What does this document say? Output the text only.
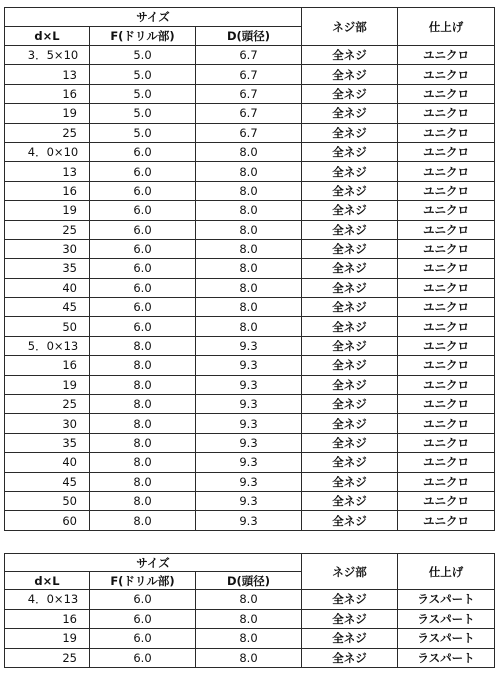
サイズ			ネジ部	仕上げ
d×L	F(ドリル部)	D(頭径)		
3．5×10	5.0	6.7	全ネジ	ユニクロ
13	5.0	6.7	全ネジ	ユニクロ
16	5.0	6.7	全ネジ	ユニクロ
19	5.0	6.7	全ネジ	ユニクロ
25	5.0	6.7	全ネジ	ユニクロ
4．0×10	6.0	8.0	全ネジ	ユニクロ
13	6.0	8.0	全ネジ	ユニクロ
16	6.0	8.0	全ネジ	ユニクロ
19	6.0	8.0	全ネジ	ユニクロ
25	6.0	8.0	全ネジ	ユニクロ
30	6.0	8.0	全ネジ	ユニクロ
35	6.0	8.0	全ネジ	ユニクロ
40	6.0	8.0	全ネジ	ユニクロ
45	6.0	8.0	全ネジ	ユニクロ
50	6.0	8.0	全ネジ	ユニクロ
5．0×13	8.0	9.3	全ネジ	ユニクロ
16	8.0	9.3	全ネジ	ユニクロ
19	8.0	9.3	全ネジ	ユニクロ
25	8.0	9.3	全ネジ	ユニクロ
30	8.0	9.3	全ネジ	ユニクロ
35	8.0	9.3	全ネジ	ユニクロ
40	8.0	9.3	全ネジ	ユニクロ
45	8.0	9.3	全ネジ	ユニクロ
50	8.0	9.3	全ネジ	ユニクロ
60	8.0	9.3	全ネジ	ユニクロ
サイズ			ネジ部	仕上げ
d×L	F(ドリル部)	D(頭径)		
4．0×13	6.0	8.0	全ネジ	ラスパート
16	6.0	8.0	全ネジ	ラスパート
19	6.0	8.0	全ネジ	ラスパート
25	6.0	8.0	全ネジ	ラスパート
